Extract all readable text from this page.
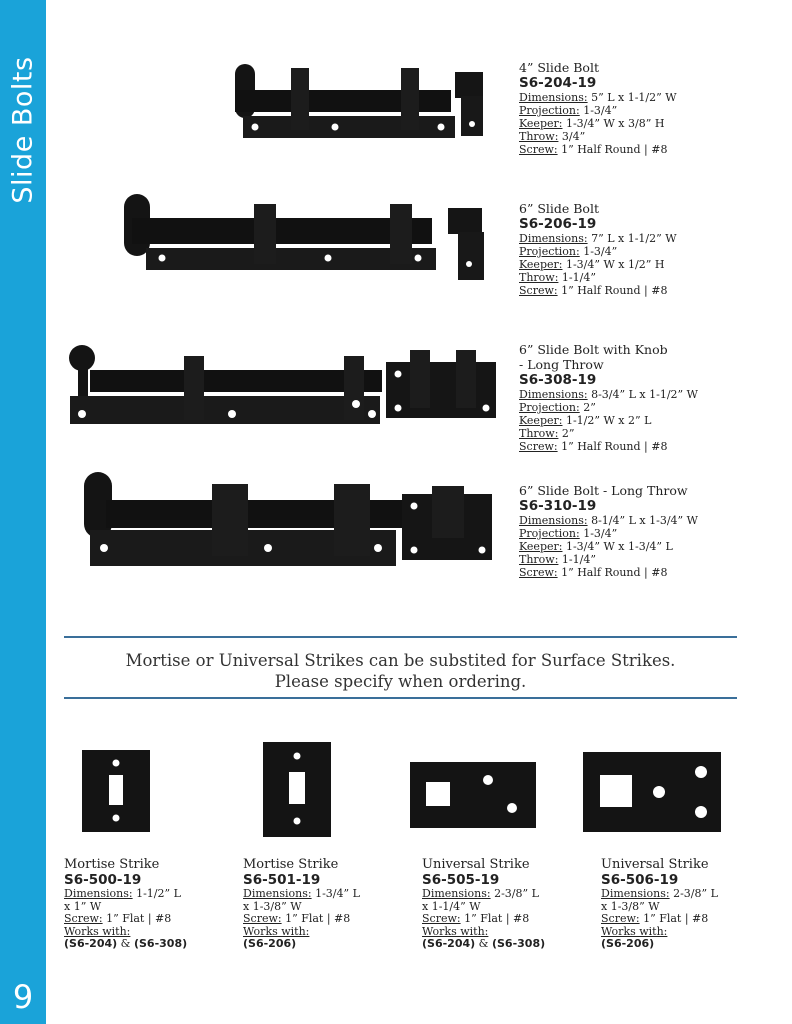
Slide Bolts
9
4” Slide Bolt
S6-204-19
Dimensions: 5” L x 1-1/2” W
Projection: 1-3/4”
Keeper: 1-3/4” W x 3/8” H
Throw: 3/4”
Screw: 1” Half Round | #8
6” Slide Bolt
S6-206-19
Dimensions: 7” L x 1-1/2” W
Projection: 1-3/4”
Keeper: 1-3/4” W x 1/2” H
Throw: 1-1/4”
Screw: 1” Half Round | #8
6” Slide Bolt with Knob
- Long Throw
S6-308-19
Dimensions: 8-3/4” L x 1-1/2” W
Projection: 2”
Keeper: 1-1/2” W x 2” L
Throw: 2”
Screw: 1” Half Round | #8
6” Slide Bolt - Long Throw
S6-310-19
Dimensions: 8-1/4” L x 1-3/4” W
Projection: 1-3/4”
Keeper: 1-3/4” W x 1-3/4” L
Throw: 1-1/4”
Screw: 1” Half Round | #8
Mortise or Universal Strikes can be substited for Surface Strikes.
Please specify when ordering.
Mortise Strike
S6-500-19
Dimensions: 1-1/2” L
x 1” W
Screw: 1” Flat | #8
Works with:
(S6-204) & (S6-308)
Mortise Strike
S6-501-19
Dimensions: 1-3/4” L
x 1-3/8” W
Screw: 1” Flat | #8
Works with:
(S6-206)
Universal Strike
S6-505-19
Dimensions: 2-3/8” L
x 1-1/4” W
Screw: 1” Flat | #8
Works with:
(S6-204) & (S6-308)
Universal Strike
S6-506-19
Dimensions: 2-3/8” L
x 1-3/8” W
Screw: 1” Flat | #8
Works with:
(S6-206)
